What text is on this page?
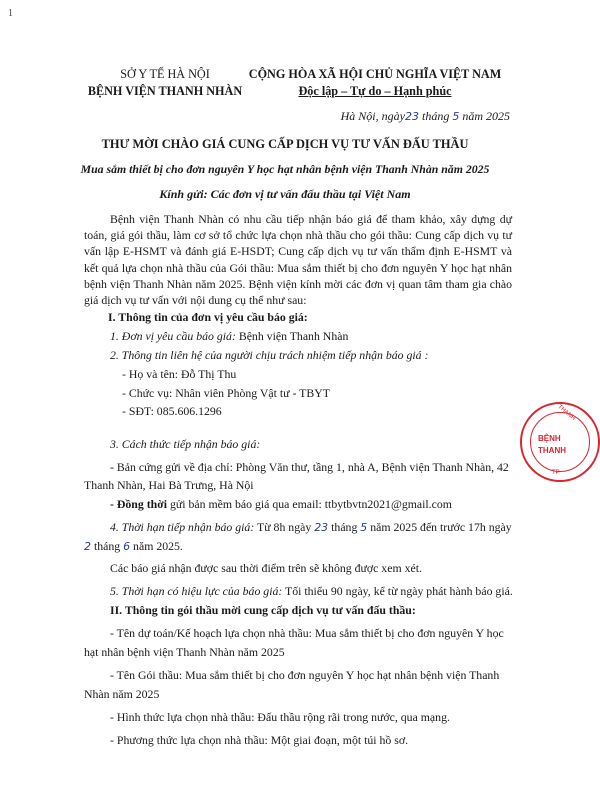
1
SỞ Y TẾ HÀ NỘI
BỆNH VIỆN THANH NHÀN
CỘNG HÒA XÃ HỘI CHỦ NGHĨA VIỆT NAM
Độc lập – Tự do – Hạnh phúc
Hà Nội, ngày23 tháng 5 năm 2025
THƯ MỜI CHÀO GIÁ CUNG CẤP DỊCH VỤ TƯ VẤN ĐẤU THẦU
Mua sắm thiết bị cho đơn nguyên Y học hạt nhân bệnh viện Thanh Nhàn năm 2025
Kính gửi: Các đơn vị tư vấn đấu thầu tại Việt Nam

Bệnh viện Thanh Nhàn có nhu cầu tiếp nhận báo giá để tham khảo, xây dựng dự toán, giá gói thầu, làm cơ sở tổ chức lựa chọn nhà thầu cho gói thầu: Cung cấp dịch vụ tư vấn lập E-HSMT và đánh giá E-HSDT; Cung cấp dịch vụ tư vấn thẩm định E-HSMT và kết quả lựa chọn nhà thầu của Gói thầu: Mua sắm thiết bị cho đơn nguyên Y học hạt nhân bệnh viện Thanh Nhàn năm 2025. Bệnh viện kính mời các đơn vị quan tâm tham gia chào giá dịch vụ tư vấn với nội dung cụ thể như sau:

I. Thông tin của đơn vị yêu cầu báo giá:
1. Đơn vị yêu cầu báo giá: Bệnh viện Thanh Nhàn
2. Thông tin liên hệ của người chịu trách nhiệm tiếp nhận báo giá :
- Họ và tên: Đỗ Thị Thu
- Chức vụ: Nhân viên Phòng Vật tư - TBYT
- SĐT: 085.606.1296
3. Cách thức tiếp nhận báo giá:
- Bản cứng gửi về địa chỉ: Phòng Văn thư, tầng 1, nhà A, Bệnh viện Thanh Nhàn, 42
Thanh Nhàn, Hai Bà Trưng, Hà Nội
- Đồng thời gửi bản mềm báo giá qua email: ttbytbvtn2021@gmail.com
4. Thời hạn tiếp nhận báo giá: Từ 8h ngày 23 tháng 5 năm 2025 đến trước 17h ngày
2 tháng 6 năm 2025.
Các báo giá nhận được sau thời điểm trên sẽ không được xem xét.
5. Thời hạn có hiệu lực của báo giá: Tối thiểu 90 ngày, kể từ ngày phát hành báo giá.
II. Thông tin gói thầu mời cung cấp dịch vụ tư vấn đấu thầu:
- Tên dự toán/Kế hoạch lựa chọn nhà thầu: Mua sắm thiết bị cho đơn nguyên Y học
hạt nhân bệnh viện Thanh Nhàn năm 2025
- Tên Gói thầu: Mua sắm thiết bị cho đơn nguyên Y học hạt nhân bệnh viện Thanh
Nhàn năm 2025
- Hình thức lựa chọn nhà thầu: Đấu thầu rộng rãi trong nước, qua mạng.
- Phương thức lựa chọn nhà thầu: Một giai đoạn, một túi hồ sơ.
THANH
BỆNH
THANH
TP
